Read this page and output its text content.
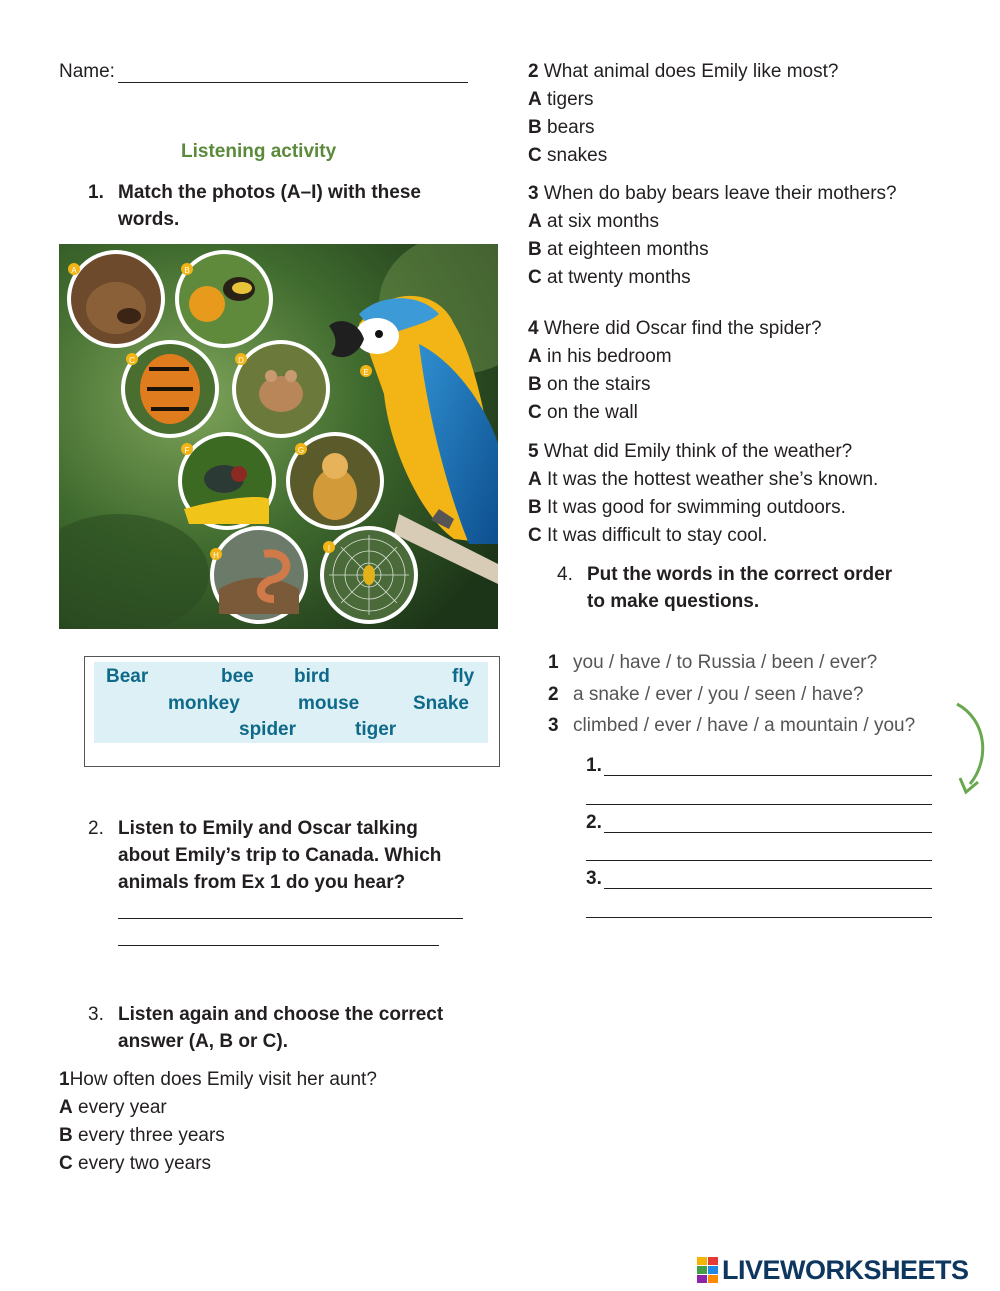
Name:
Listening activity
1. Match the photos (A–I) with these
words.
A	B
C	D
E
F	G
H
I
Bear	bee bird	fly
monkey	mouse	Snake
spider	tiger
2. Listen to Emily and Oscar talking
about Emily’s trip to Canada. Which
animals from Ex 1 do you hear?
3. Listen again and choose the correct
answer (A, B or C).
1How often does Emily visit her aunt?
A every year
B every three years
C every two years
2 What animal does Emily like most?
A tigers
B bears
C snakes
3 When do baby bears leave their mothers?
A at six months
B at eighteen months
C at twenty months
4 Where did Oscar find the spider?
A in his bedroom
B on the stairs
C on the wall
5 What did Emily think of the weather?
A It was the hottest weather she’s known.
B It was good for swimming outdoors.
C It was difficult to stay cool.
4. Put the words in the correct order
to make questions.
1 you / have / to Russia / been / ever?
2 a snake / ever / you / seen / have?
3 climbed / ever / have / a mountain / you?
1.
2.
3.
LIVEWORKSHEETS
